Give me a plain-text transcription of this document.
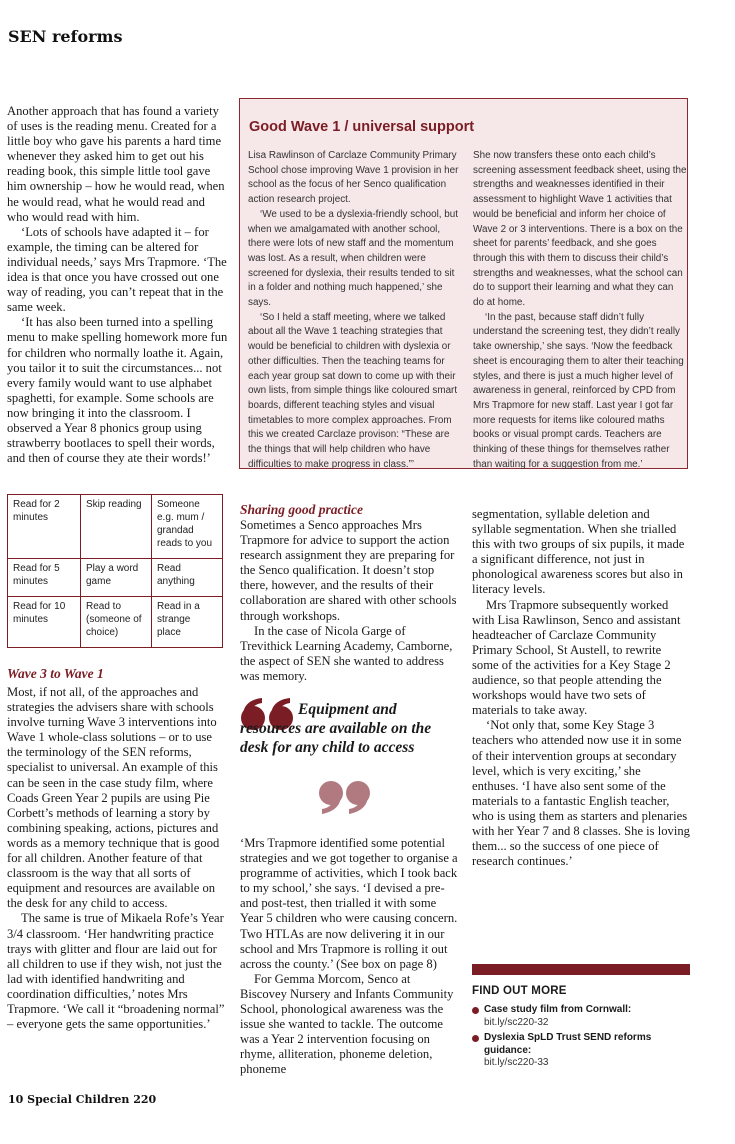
SEN reforms

Another approach that has found a variety of uses is the reading menu. Created for a little boy who gave his parents a hard time whenever they asked him to get out his reading book, this simple little tool gave him ownership – how he would read, when he would read, what he would read and who would read with him.

‘Lots of schools have adapted it – for example, the timing can be altered for individual needs,’ says Mrs Trapmore. ‘The idea is that once you have crossed out one way of reading, you can’t repeat that in the same week.

‘It has also been turned into a spelling menu to make spelling homework more fun for children who normally loathe it. Again, you tailor it to suit the circumstances... not every family would want to use alphabet spaghetti, for example. Some schools are now bringing it into the classroom. I observed a Year 8 phonics group using strawberry bootlaces to spell their words, and then of course they ate their words!’

Good Wave 1 / universal support

Lisa Rawlinson of Carclaze Community Primary School chose improving Wave 1 provision in her school as the focus of her Senco qualification action research project.

‘We used to be a dyslexia-friendly school, but when we amalgamated with another school, there were lots of new staff and the momentum was lost. As a result, when children were screened for dyslexia, their results tended to sit in a folder and nothing much happened,’ she says.

‘So I held a staff meeting, where we talked about all the Wave 1 teaching strategies that would be beneficial to children with dyslexia or other difficulties. Then the teaching teams for each year group sat down to come up with their own lists, from simple things like coloured smart boards, different teaching styles and visual timetables to more complex approaches. From this we created Carclaze provison: “These are the things that will help children who have difficulties to make progress in class.”’

She now transfers these onto each child’s screening assessment feedback sheet, using the strengths and weaknesses identified in their assessment to highlight Wave 1 activities that would be beneficial and inform her choice of Wave 2 or 3 interventions. There is a box on the sheet for parents’ feedback, and she goes through this with them to discuss their child’s strengths and weaknesses, what the school can do to support their learning and what they can do at home.

‘In the past, because staff didn’t fully understand the screening test, they didn’t really take ownership,’ she says. ‘Now the feedback sheet is encouraging them to alter their teaching styles, and there is just a much higher level of awareness in general, reinforced by CPD from Mrs Trapmore for new staff. Last year I got far more requests for items like coloured maths books or visual prompt cards. Teachers are thinking of these things for themselves rather than waiting for a suggestion from me.’

Read for 2 minutes	Skip reading	Someone e.g. mum / grandad reads to you
Read for 5 minutes	Play a word game	Read anything
Read for 10 minutes	Read to (someone of choice)	Read in a strange place
Wave 3 to Wave 1

Most, if not all, of the approaches and strategies the advisers share with schools involve turning Wave 3 interventions into Wave 1 whole-class solutions – or to use the terminology of the SEN reforms, specialist to universal. An example of this can be seen in the case study film, where Coads Green Year 2 pupils are using Pie Corbett’s methods of learning a story by combining speaking, actions, pictures and words as a memory technique that is good for all children. Another feature of that classroom is the way that all sorts of equipment and resources are available on the desk for any child to access.

The same is true of Mikaela Rofe’s Year 3/4 classroom. ‘Her handwriting practice trays with glitter and flour are laid out for all children to use if they wish, not just the lad with identified handwriting and coordination difficulties,’ notes Mrs Trapmore. ‘We call it “broadening normal” – everyone gets the same opportunities.’

Sharing good practice

Sometimes a Senco approaches Mrs Trapmore for advice to support the action research assignment they are preparing for the Senco qualification. It doesn’t stop there, however, and the results of their collaboration are shared with other schools through workshops.

In the case of Nicola Garge of Trevithick Learning Academy, Camborne, the aspect of SEN she wanted to address was memory.

Equipment and resources are available on the desk for any child to access

‘Mrs Trapmore identified some potential strategies and we got together to organise a programme of activities, which I took back to my school,’ she says. ‘I devised a pre- and post-test, then trialled it with some Year 5 children who were causing concern. Two HTLAs are now delivering it in our school and Mrs Trapmore is rolling it out across the county.’ (See box on page 8)

For Gemma Morcom, Senco at Biscovey Nursery and Infants Community School, phonological awareness was the issue she wanted to tackle. The outcome was a Year 2 intervention focusing on rhyme, alliteration, phoneme deletion, phoneme

segmentation, syllable deletion and syllable segmentation. When she trialled this with two groups of six pupils, it made a significant difference, not just in phonological awareness scores but also in literacy levels.

Mrs Trapmore subsequently worked with Lisa Rawlinson, Senco and assistant headteacher of Carclaze Community Primary School, St Austell, to rewrite some of the activities for a Key Stage 2 audience, so that people attending the workshops would have two sets of materials to take away.

‘Not only that, some Key Stage 3 teachers who attended now use it in some of their intervention groups at secondary level, which is very exciting,’ she enthuses. ‘I have also sent some of the materials to a fantastic English teacher, who is using them as starters and plenaries with her Year 7 and 8 classes. She is loving them... so the success of one piece of research continues.’

FIND OUT MORE
Case study film from Cornwall:
bit.ly/sc220-32
Dyslexia SpLD Trust SEND reforms guidance:
bit.ly/sc220-33
10 Special Children 220
